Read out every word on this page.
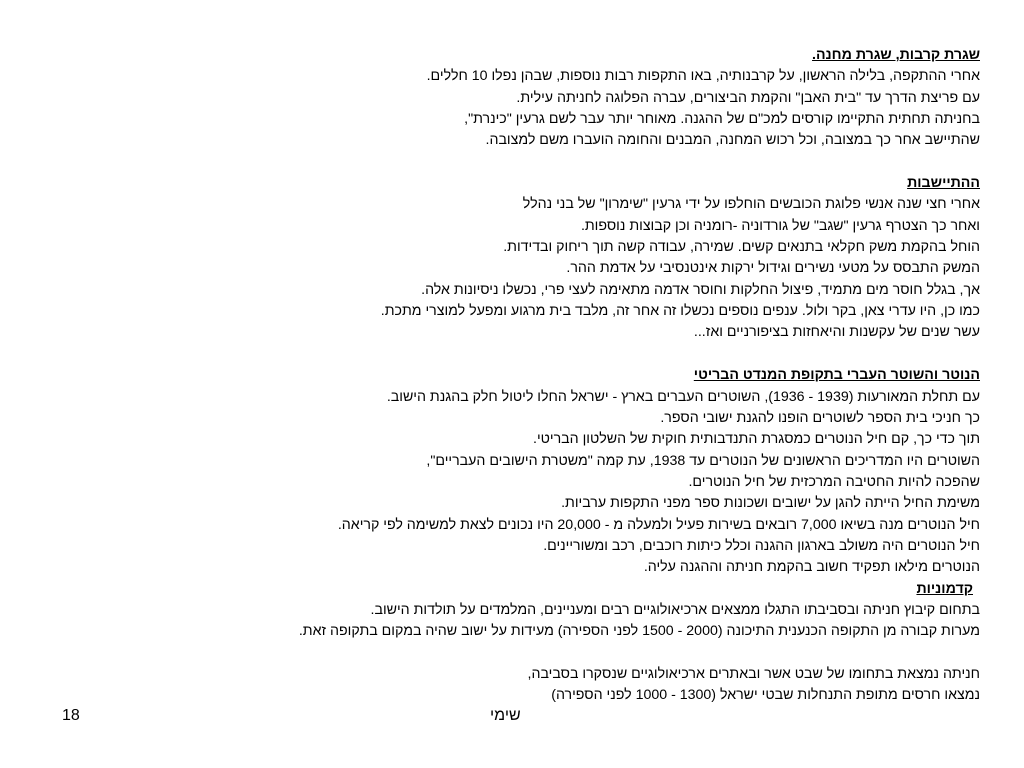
שגרת קרבות, שגרת מחנה.
אחרי ההתקפה, בלילה הראשון, על קרבנותיה, באו התקפות רבות נוספות, שבהן נפלו 10 חללים.
עם פריצת הדרך עד "בית האבן" והקמת הביצורים, עברה הפלוגה לחניתה עילית.
בחניתה תחתית התקיימו קורסים למכ"ם של ההגנה. מאוחר יותר עבר לשם גרעין "כינרת",
שהתיישב אחר כך במצובה, וכל רכוש המחנה, המבנים והחומה הועברו משם למצובה.
ההתיישבות
אחרי חצי שנה אנשי פלוגת הכובשים הוחלפו על ידי גרעין "שימרון" של בני נהלל
ואחר כך הצטרף גרעין "שגב" של גורדוניה -רומניה וכן קבוצות נוספות.
הוחל בהקמת משק חקלאי בתנאים קשים. שמירה, עבודה קשה תוך ריחוק ובדידות.
המשק התבסס על מטעי נשירים וגידול ירקות אינטנסיבי על אדמת ההר.
אך, בגלל חוסר מים מתמיד, פיצול החלקות וחוסר אדמה מתאימה לעצי פרי, נכשלו ניסיונות אלה.
כמו כן, היו עדרי צאן, בקר ולול. ענפים נוספים נכשלו זה אחר זה, מלבד בית מרגוע ומפעל למוצרי מתכת.
עשר שנים של עקשנות והיאחזות בציפורניים ואז...
הנוטר והשוטר העברי בתקופת המנדט הבריטי
עם תחלת המאורעות (1939 - 1936), השוטרים העברים בארץ - ישראל החלו ליטול חלק בהגנת הישוב.
כך חניכי בית הספר לשוטרים הופנו להגנת ישובי הספר.
תוך כדי כך, קם חיל הנוטרים כמסגרת התנדבותית חוקית של השלטון הבריטי.
השוטרים היו המדריכים הראשונים של הנוטרים עד 1938, עת קמה "משטרת הישובים העבריים",
שהפכה להיות החטיבה המרכזית של חיל הנוטרים.
משימת החיל הייתה להגן על ישובים ושכונות ספר מפני התקפות ערביות.
חיל הנוטרים מנה בשיאו 7,000 רובאים בשירות פעיל ולמעלה מ - 20,000 היו נכונים לצאת למשימה לפי קריאה.
חיל הנוטרים היה משולב בארגון ההגנה וכלל כיתות רוכבים, רכב ומשוריינים.
הנוטרים מילאו תפקיד חשוב בהקמת חניתה וההגנה עליה.
קדמוניות
בתחום קיבוץ חניתה ובסביבתו התגלו ממצאים ארכיאולוגיים רבים ומעניינים, המלמדים על תולדות הישוב.
מערות קבורה מן התקופה הכנענית התיכונה (2000 - 1500 לפני הספירה) מעידות על ישוב שהיה במקום בתקופה זאת.
חניתה נמצאת בתחומו של שבט אשר ובאתרים ארכיאולוגיים שנסקרו בסביבה,
נמצאו חרסים מתופת התנחלות שבטי ישראל (1300 - 1000 לפני הספירה)
שימי
18
